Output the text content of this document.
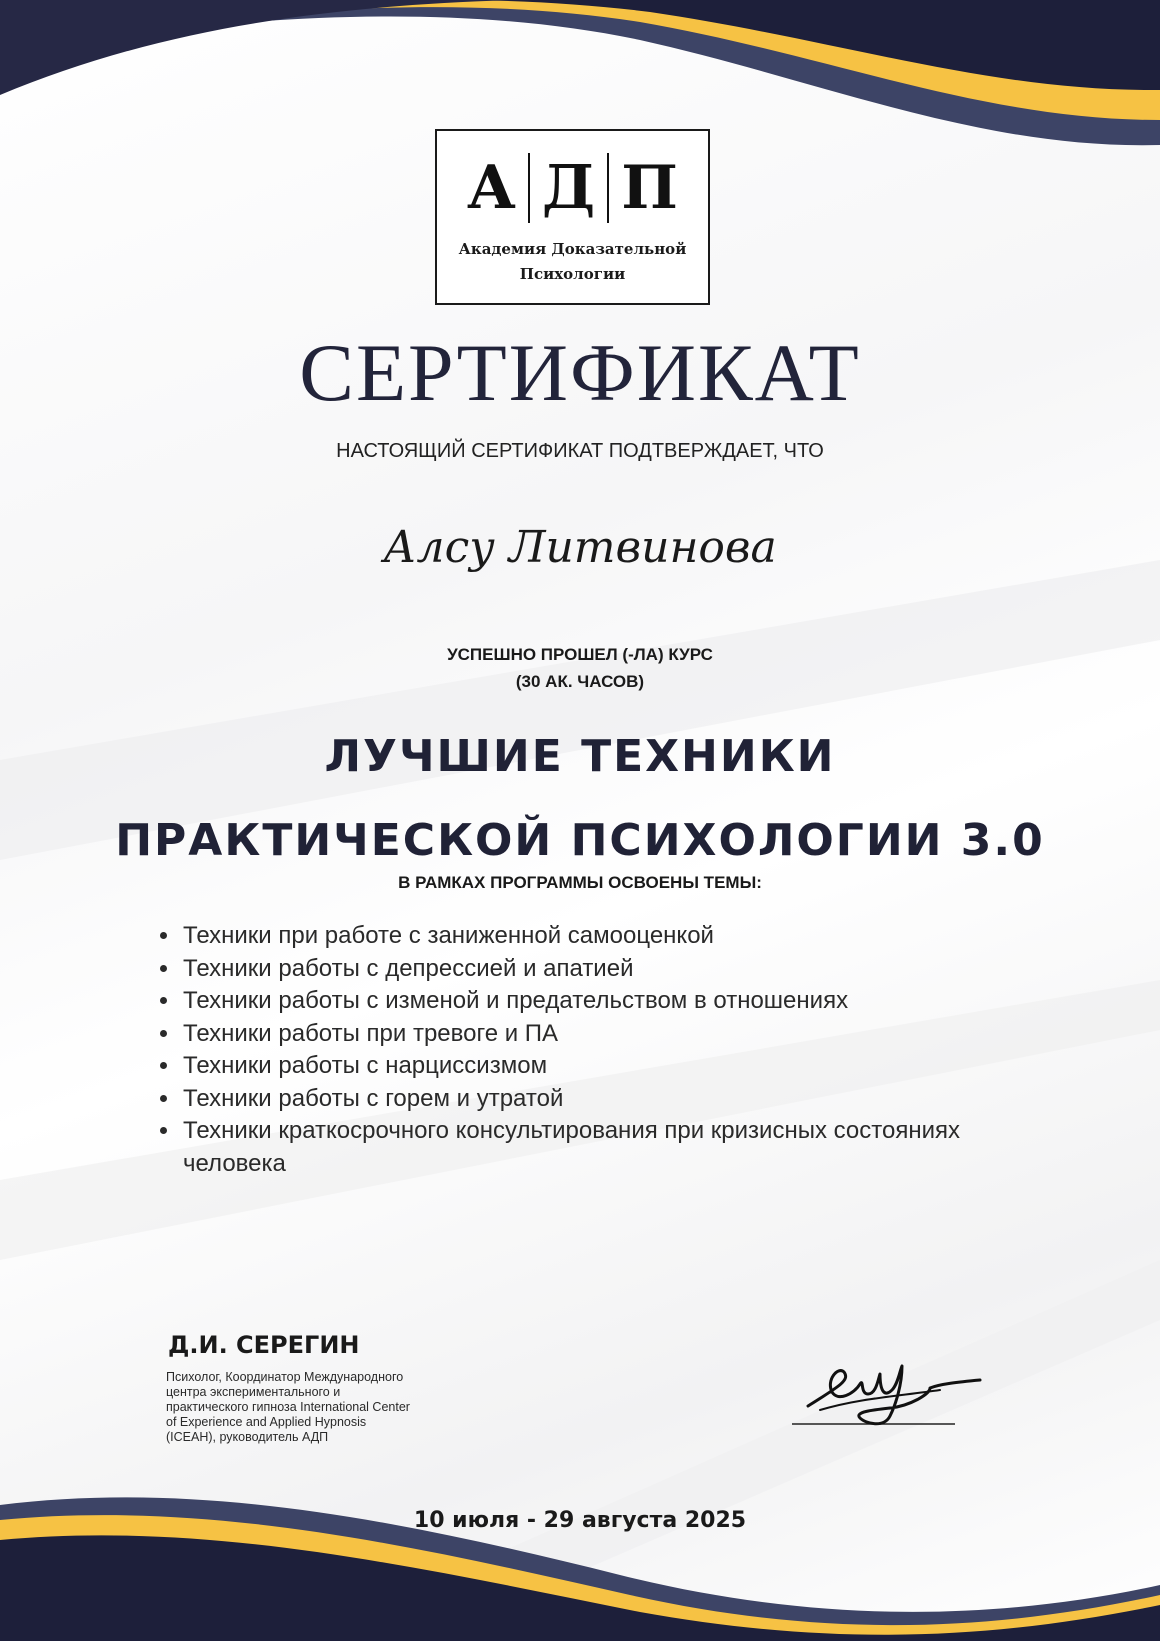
А Д П
Академия Доказательной
Психологии
СЕРТИФИКАТ
НАСТОЯЩИЙ СЕРТИФИКАТ ПОДТВЕРЖДАЕТ, ЧТО
Алсу Литвинова
УСПЕШНО ПРОШЕЛ (-ЛА) КУРС
(30 АК. ЧАСОВ)
ЛУЧШИЕ ТЕХНИКИ
ПРАКТИЧЕСКОЙ ПСИХОЛОГИИ 3.0
В РАМКАХ ПРОГРАММЫ ОСВОЕНЫ ТЕМЫ:
• Техники при работе с заниженной самооценкой
• Техники работы с депрессией и апатией
• Техники работы с изменой и предательством в отношениях
• Техники работы при тревоге и ПА
• Техники работы с нарциссизмом
• Техники работы с горем и утратой
• Техники краткосрочного консультирования при кризисных состояниях человека
Д.И. СЕРЕГИН
Психолог, Координатор Международного
центра экспериментального и
практического гипноза International Center
of Experience and Applied Hypnosis
(ICEAH), руководитель АДП
10 июля - 29 августа 2025
